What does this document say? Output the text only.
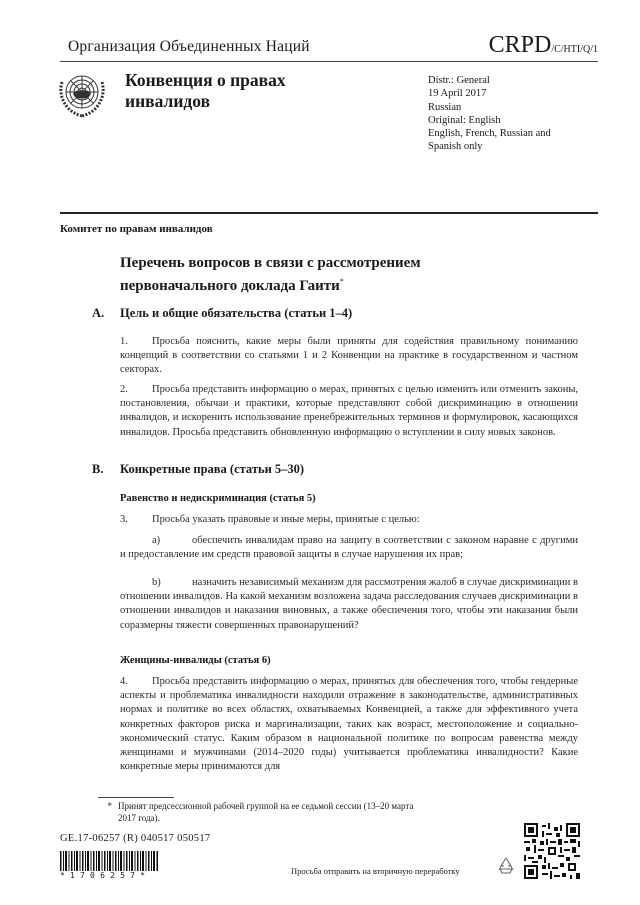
Организация Объединенных Наций	CRPD/C/HTI/Q/1
Конвенция о правах
инвалидов
Distr.: General
19 April 2017
Russian
Original: English
English, French, Russian and
Spanish only
Комитет по правам инвалидов
Перечень вопросов в связи с рассмотрением
первоначального доклада Гаити*
A. Цель и общие обязательства (статьи 1–4)
1. Просьба пояснить, какие меры были приняты для содействия правильному пониманию концепций в соответствии со статьями 1 и 2 Конвенции на практике в государственном и частном секторах.
2. Просьба представить информацию о мерах, принятых с целью изменить или отменить законы, постановления, обычаи и практики, которые представляют собой дискриминацию в отношении инвалидов, и искоренить использование пренебрежительных терминов и формулировок, касающихся инвалидов. Просьба представить обновленную информацию о вступлении в силу новых законов.
B. Конкретные права (статьи 5–30)
Равенство и недискриминация (статья 5)
3. Просьба указать правовые и иные меры, принятые с целью:
a)	обеспечить инвалидам право на защиту в соответствии с законом наравне с другими и предоставление им средств правовой защиты в случае нарушения их прав;
b)	назначить независимый механизм для рассмотрения жалоб в случае дискриминации в отношении инвалидов. На какой механизм возложена задача расследования случаев дискриминации в отношении инвалидов и наказания виновных, а также обеспечения того, чтобы эти наказания были соразмерны тяжести совершенных правонарушений?
Женщины-инвалиды (статья 6)
4. Просьба представить информацию о мерах, принятых для обеспечения того, чтобы гендерные аспекты и проблематика инвалидности находили отражение в законодательстве, административных нормах и политике во всех областях, охватываемых Конвенцией, а также для эффективного учета конкретных факторов риска и маргинализации, таких как возраст, местоположение и социально-экономический статус. Каким образом в национальной политике по вопросам равенства между женщинами и мужчинами (2014–2020 годы) учитывается проблематика инвалидности? Какие конкретные меры принимаются для
* Принят предсессионной рабочей группой на ее седьмой сессии (13–20 марта
2017 года).
GE.17-06257 (R) 040517 050517
*1706257*	Просьба отправить на вторичную переработку
